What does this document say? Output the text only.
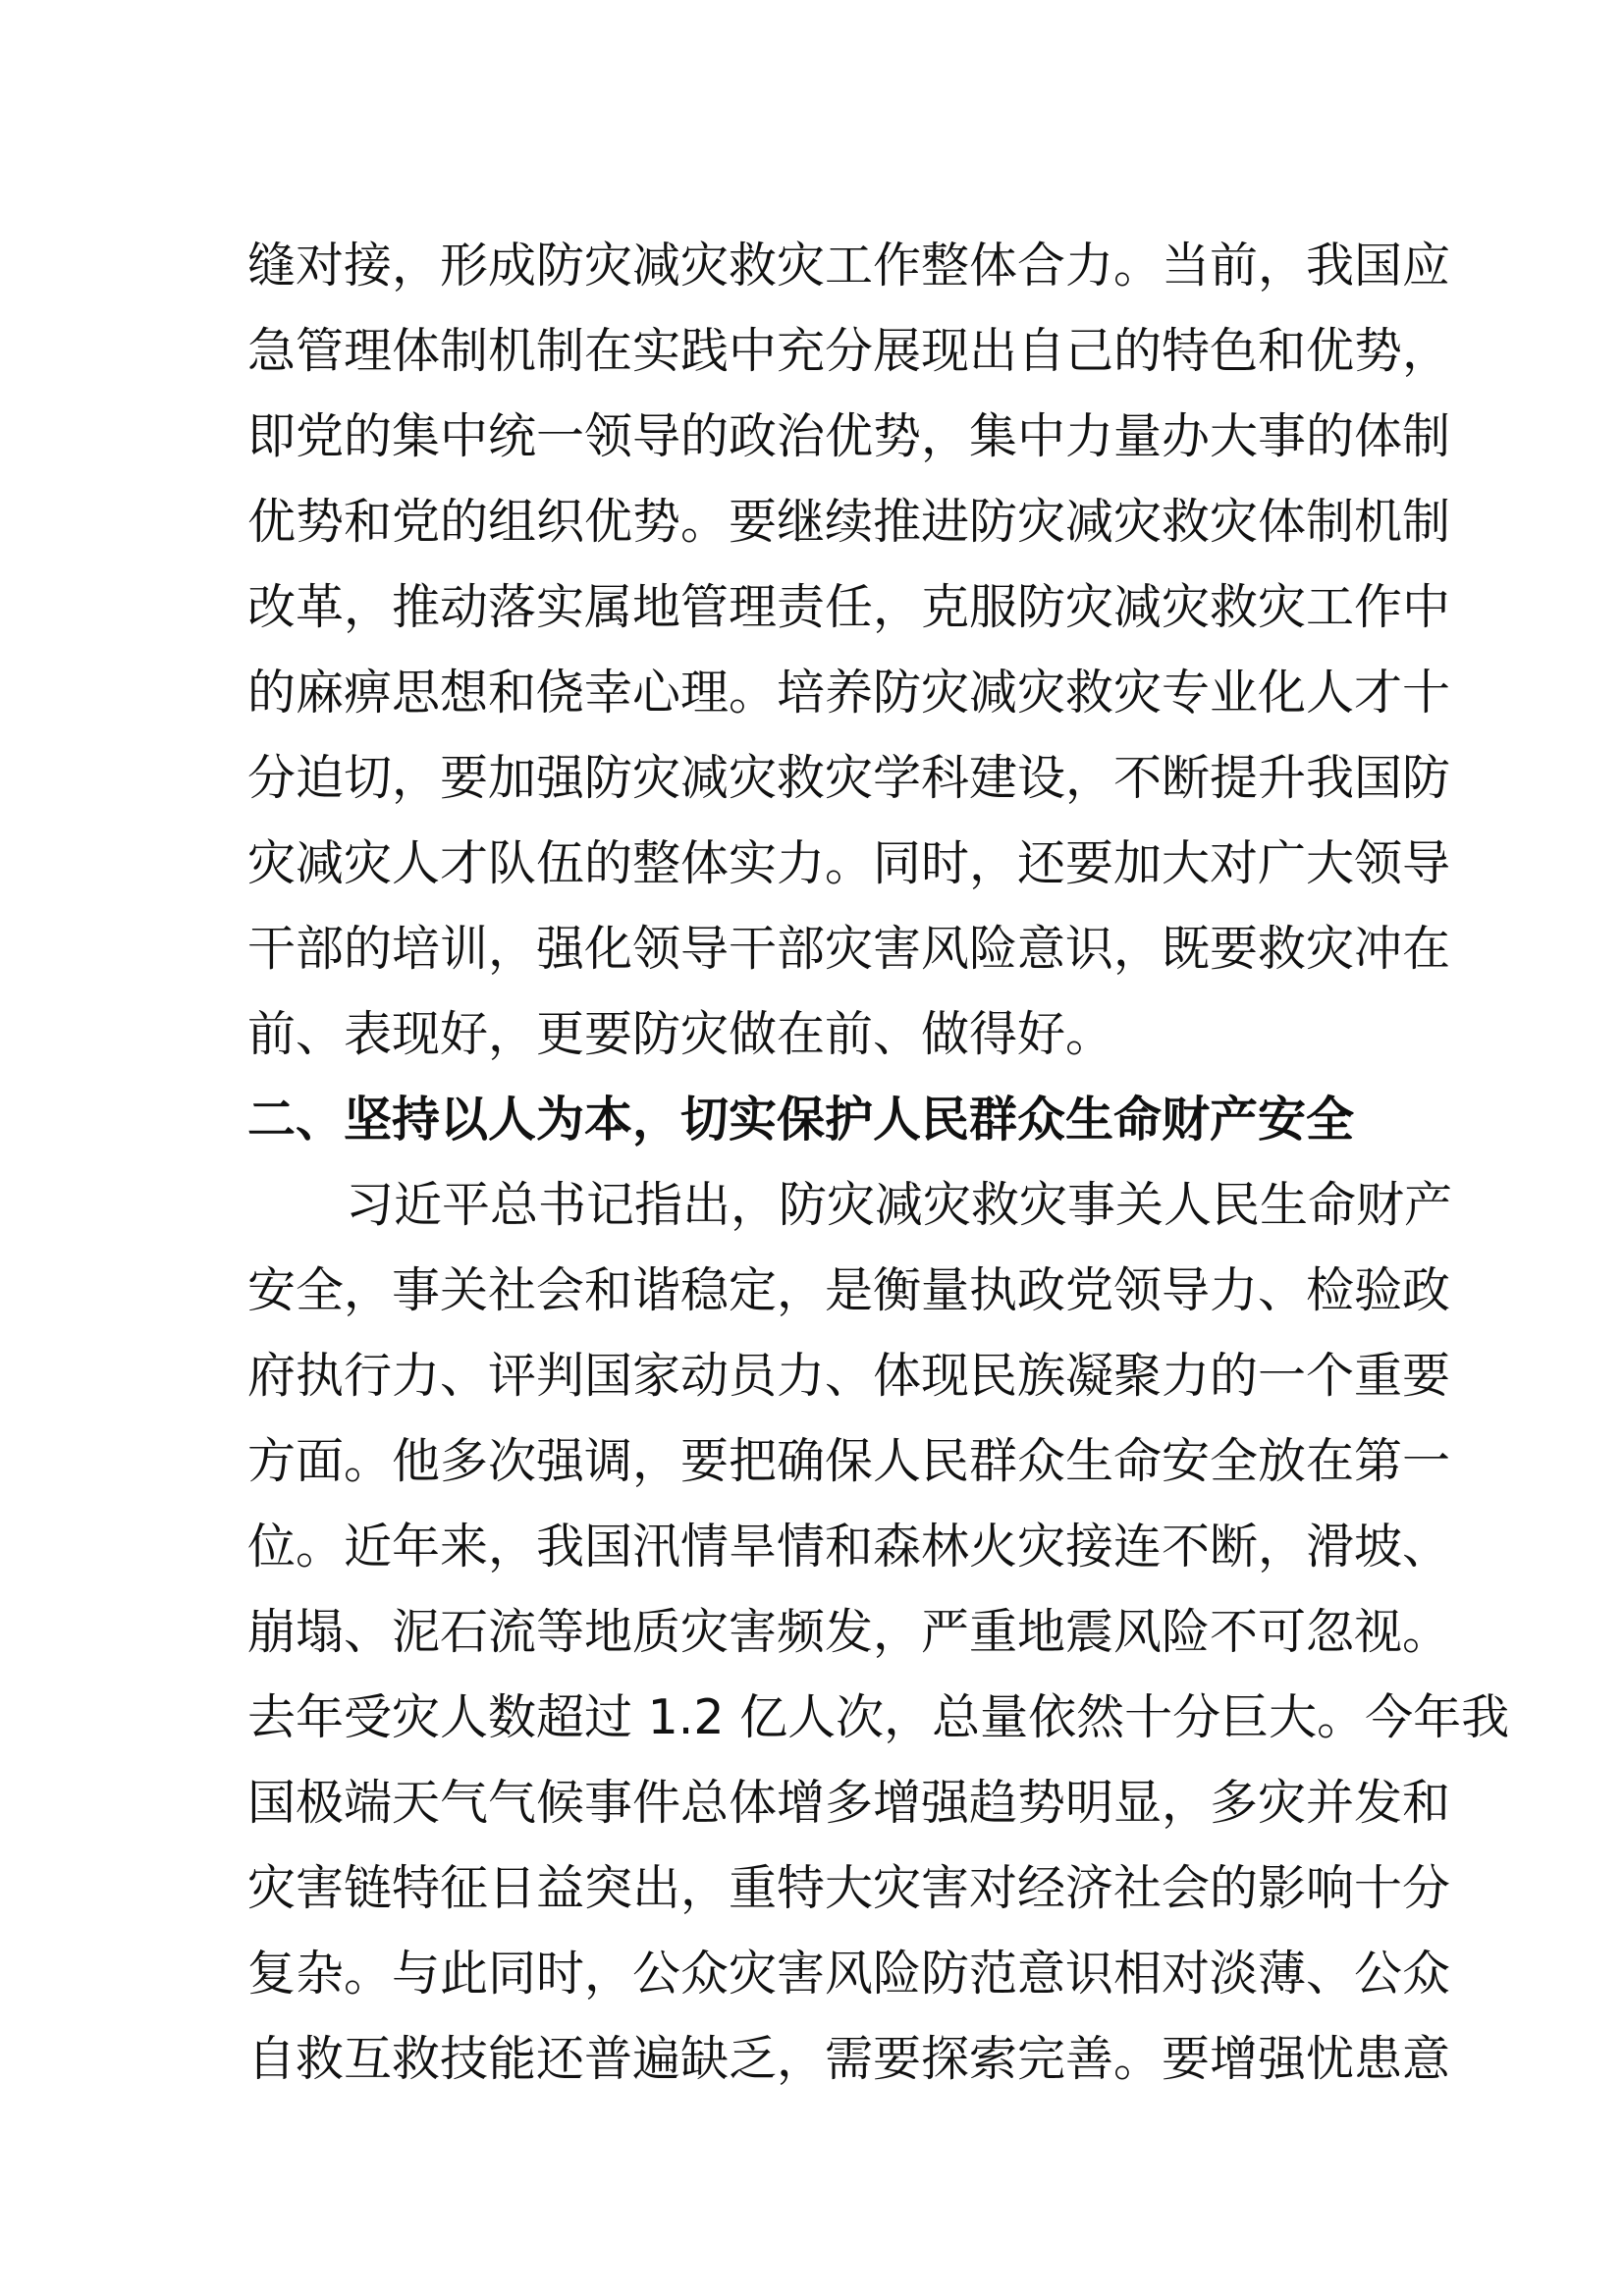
缝对接，形成防灾减灾救灾工作整体合力。当前，我国应
急管理体制机制在实践中充分展现出自己的特色和优势，
即党的集中统一领导的政治优势，集中力量办大事的体制
优势和党的组织优势。要继续推进防灾减灾救灾体制机制
改革，推动落实属地管理责任，克服防灾减灾救灾工作中
的麻痹思想和侥幸心理。培养防灾减灾救灾专业化人才十
分迫切，要加强防灾减灾救灾学科建设，不断提升我国防
灾减灾人才队伍的整体实力。同时，还要加大对广大领导
干部的培训，强化领导干部灾害风险意识，既要救灾冲在
前、表现好，更要防灾做在前、做得好。
二、坚持以人为本，切实保护人民群众生命财产安全
习近平总书记指出，防灾减灾救灾事关人民生命财产
安全，事关社会和谐稳定，是衡量执政党领导力、检验政
府执行力、评判国家动员力、体现民族凝聚力的一个重要
方面。他多次强调，要把确保人民群众生命安全放在第一
位。近年来，我国汛情旱情和森林火灾接连不断，滑坡、
崩塌、泥石流等地质灾害频发，严重地震风险不可忽视。
去年受灾人数超过 1.2 亿人次，总量依然十分巨大。今年我
国极端天气气候事件总体增多增强趋势明显，多灾并发和
灾害链特征日益突出，重特大灾害对经济社会的影响十分
复杂。与此同时，公众灾害风险防范意识相对淡薄、公众
自救互救技能还普遍缺乏，需要探索完善。要增强忧患意
